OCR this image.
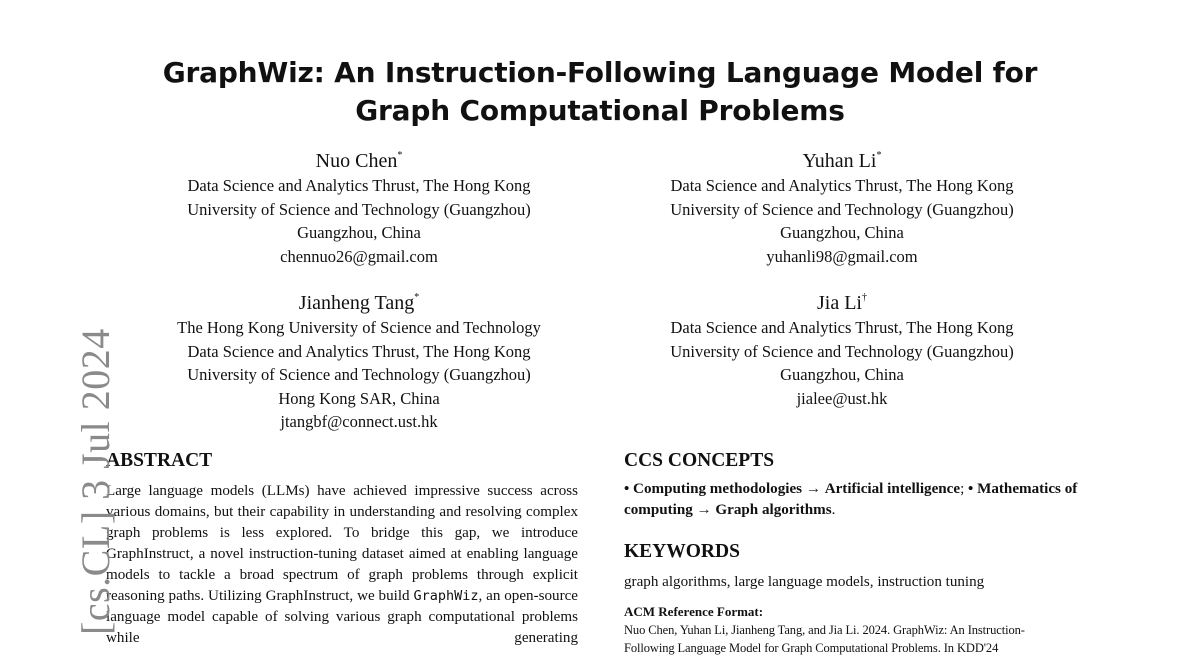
GraphWiz: An Instruction-Following Language Model for
Graph Computational Problems
Nuo Chen*
Data Science and Analytics Thrust, The Hong Kong
University of Science and Technology (Guangzhou)
Guangzhou, China
chennuo26@gmail.com
Yuhan Li*
Data Science and Analytics Thrust, The Hong Kong
University of Science and Technology (Guangzhou)
Guangzhou, China
yuhanli98@gmail.com
Jianheng Tang*
The Hong Kong University of Science and Technology
Data Science and Analytics Thrust, The Hong Kong
University of Science and Technology (Guangzhou)
Hong Kong SAR, China
jtangbf@connect.ust.hk
Jia Li†
Data Science and Analytics Thrust, The Hong Kong
University of Science and Technology (Guangzhou)
Guangzhou, China
jialee@ust.hk
ABSTRACT
Large language models (LLMs) have achieved impressive success across various domains, but their capability in understanding and resolving complex graph problems is less explored. To bridge this gap, we introduce GraphInstruct, a novel instruction-tuning dataset aimed at enabling language models to tackle a broad spectrum of graph problems through explicit reasoning paths. Utilizing GraphInstruct, we build GraphWiz, an open-source language model capable of solving various graph computational problems while generating
CCS CONCEPTS
• Computing methodologies → Artificial intelligence; • Mathematics of computing → Graph algorithms.
KEYWORDS
graph algorithms, large language models, instruction tuning
ACM Reference Format:
Nuo Chen, Yuhan Li, Jianheng Tang, and Jia Li. 2024. GraphWiz: An Instruction-
Following Language Model for Graph Computational Problems. In KDD'24
[cs.CL] 3 Jul 2024
